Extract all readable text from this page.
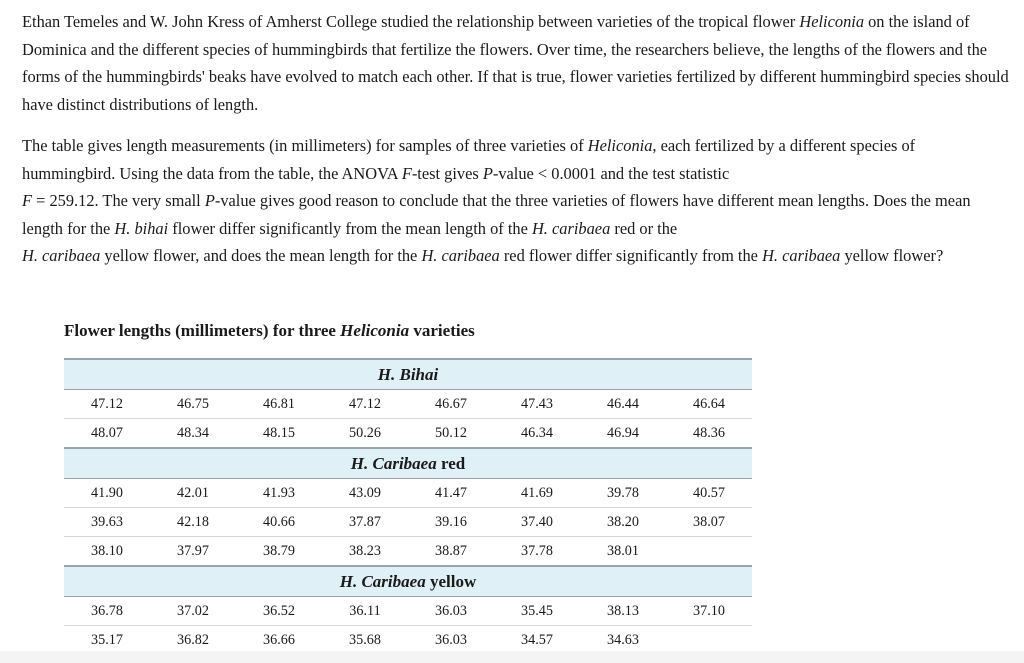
Ethan Temeles and W. John Kress of Amherst College studied the relationship between varieties of the tropical flower Heliconia on the island of Dominica and the different species of hummingbirds that fertilize the flowers. Over time, the researchers believe, the lengths of the flowers and the forms of the hummingbirds' beaks have evolved to match each other. If that is true, flower varieties fertilized by different hummingbird species should have distinct distributions of length.

The table gives length measurements (in millimeters) for samples of three varieties of Heliconia, each fertilized by a different species of hummingbird. Using the data from the table, the ANOVA F-test gives P-value < 0.0001 and the test statistic
F = 259.12. The very small P-value gives good reason to conclude that the three varieties of flowers have different mean lengths. Does the mean length for the H. bihai flower differ significantly from the mean length of the H. caribaea red or the
H. caribaea yellow flower, and does the mean length for the H. caribaea red flower differ significantly from the H. caribaea yellow flower?

Flower lengths (millimeters) for three Heliconia varieties
H. Bihai							
47.12	46.75	46.81	47.12	46.67	47.43	46.44	46.64
48.07	48.34	48.15	50.26	50.12	46.34	46.94	48.36
H. Caribaea red							
41.90	42.01	41.93	43.09	41.47	41.69	39.78	40.57
39.63	42.18	40.66	37.87	39.16	37.40	38.20	38.07
38.10	37.97	38.79	38.23	38.87	37.78	38.01	
H. Caribaea yellow							
36.78	37.02	36.52	36.11	36.03	35.45	38.13	37.10
35.17	36.82	36.66	35.68	36.03	34.57	34.63	
